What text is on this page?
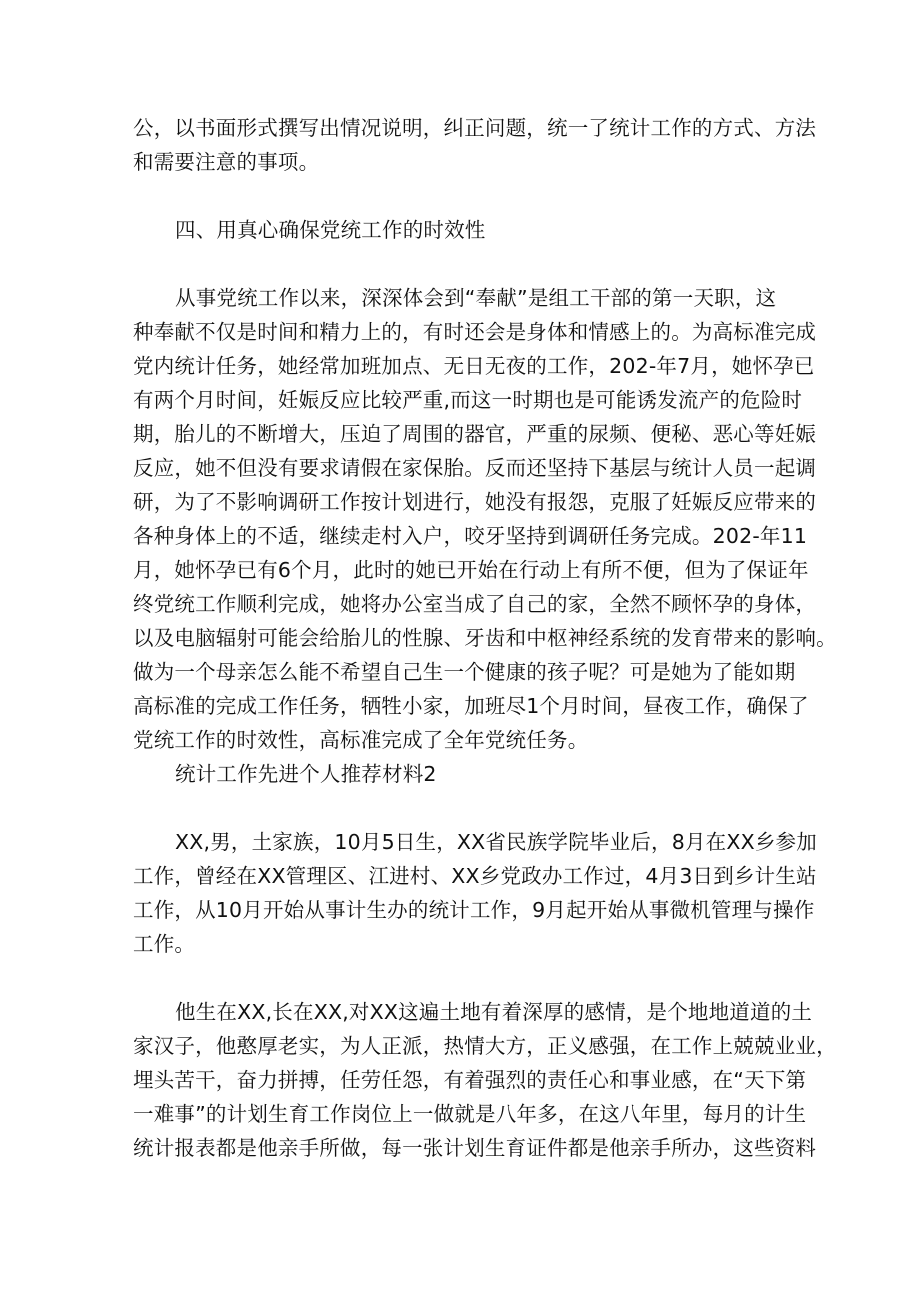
公，以书面形式撰写出情况说明，纠正问题，统一了统计工作的方式、方法
和需要注意的事项。
四、用真心确保党统工作的时效性
从事党统工作以来，深深体会到“奉献”是组工干部的第一天职，这
种奉献不仅是时间和精力上的，有时还会是身体和情感上的。为高标准完成
党内统计任务，她经常加班加点、无日无夜的工作，202-年7月，她怀孕已
有两个月时间，妊娠反应比较严重,而这一时期也是可能诱发流产的危险时
期，胎儿的不断增大，压迫了周围的器官，严重的尿频、便秘、恶心等妊娠
反应，她不但没有要求请假在家保胎。反而还坚持下基层与统计人员一起调
研，为了不影响调研工作按计划进行，她没有报怨，克服了妊娠反应带来的
各种身体上的不适，继续走村入户，咬牙坚持到调研任务完成。202-年11
月，她怀孕已有6个月，此时的她已开始在行动上有所不便，但为了保证年
终党统工作顺利完成，她将办公室当成了自己的家，全然不顾怀孕的身体，
以及电脑辐射可能会给胎儿的性腺、牙齿和中枢神经系统的发育带来的影响。
做为一个母亲怎么能不希望自己生一个健康的孩子呢？可是她为了能如期
高标准的完成工作任务，牺牲小家，加班尽1个月时间，昼夜工作，确保了
党统工作的时效性，高标准完成了全年党统任务。
统计工作先进个人推荐材料2
XX,男，土家族，10月5日生，XX省民族学院毕业后，8月在XX乡参加
工作，曾经在XX管理区、江进村、XX乡党政办工作过，4月3日到乡计生站
工作，从10月开始从事计生办的统计工作，9月起开始从事微机管理与操作
工作。
他生在XX,长在XX,对XX这遍土地有着深厚的感情，是个地地道道的土
家汉子，他憨厚老实，为人正派，热情大方，正义感强，在工作上兢兢业业，
埋头苦干，奋力拼搏，任劳任怨，有着强烈的责任心和事业感，在“天下第
一难事”的计划生育工作岗位上一做就是八年多，在这八年里，每月的计生
统计报表都是他亲手所做，每一张计划生育证件都是他亲手所办，这些资料
